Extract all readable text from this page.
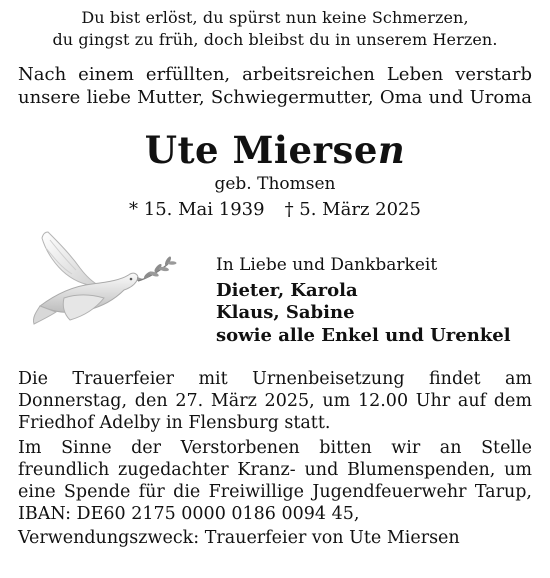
Du bist erlöst, du spürst nun keine Schmerzen,
du gingst zu früh, doch bleibst du in unserem Herzen.
Nach einem erfüllten, arbeitsreichen Leben verstarb
unsere liebe Mutter, Schwiegermutter, Oma und Uroma
Ute Miersen
geb. Thomsen
* 15. Mai 1939 † 5. März 2025
In Liebe und Dankbarkeit
Dieter, Karola
Klaus, Sabine
sowie alle Enkel und Urenkel
Die Trauerfeier mit Urnenbeisetzung findet am
Donnerstag, den 27. März 2025, um 12.00 Uhr auf dem
Friedhof Adelby in Flensburg statt.
Im Sinne der Verstorbenen bitten wir an Stelle
freundlich zugedachter Kranz- und Blumenspenden, um
eine Spende für die Freiwillige Jugendfeuerwehr Tarup,
IBAN: DE60 2175 0000 0186 0094 45,
Verwendungszweck: Trauerfeier von Ute Miersen
